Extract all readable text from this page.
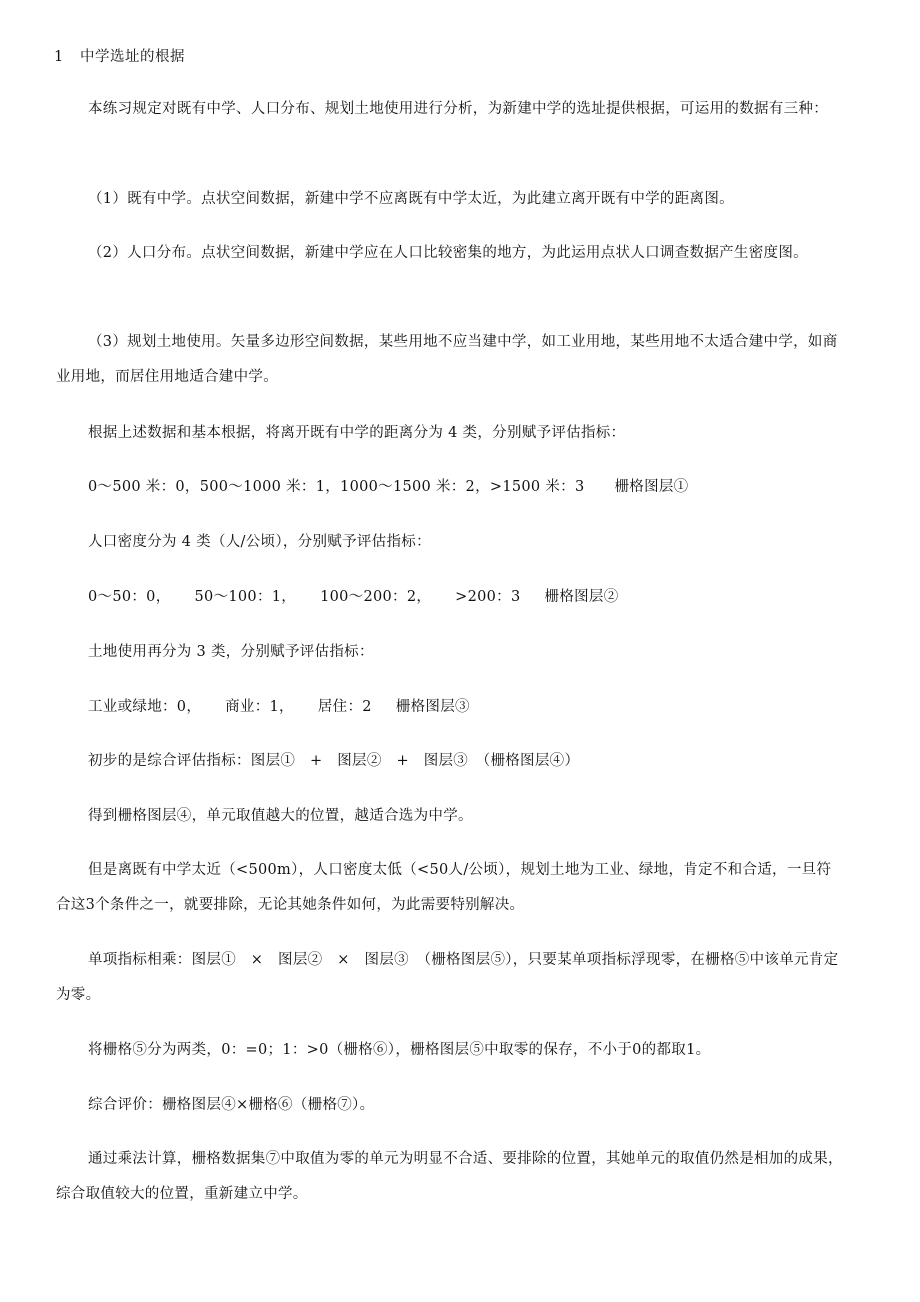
1 中学选址的根据

本练习规定对既有中学、人口分布、规划土地使用进行分析，为新建中学的选址提供根据，可运用的数据有三种：

（1）既有中学。点状空间数据，新建中学不应离既有中学太近，为此建立离开既有中学的距离图。

（2）人口分布。点状空间数据，新建中学应在人口比较密集的地方，为此运用点状人口调查数据产生密度图。

（3）规划土地使用。矢量多边形空间数据，某些用地不应当建中学，如工业用地，某些用地不太适合建中学，如商业用地，而居住用地适合建中学。

根据上述数据和基本根据，将离开既有中学的距离分为 4 类，分别赋予评估指标：

0～500 米：0，500～1000 米：1，1000～1500 米：2，>1500 米：3 栅格图层①

人口密度分为 4 类（人/公顷），分别赋予评估指标：

0～50：0， 50～100：1， 100～200：2， >200：3 栅格图层②

土地使用再分为 3 类，分别赋予评估指标：

工业或绿地：0， 商业：1， 居住：2 栅格图层③

初步的是综合评估指标：图层①　+　图层②　+　图层③　（栅格图层④）

得到栅格图层④，单元取值越大的位置，越适合选为中学。

但是离既有中学太近（<500m），人口密度太低（<50人/公顷），规划土地为工业、绿地，肯定不和合适，一旦符合这3个条件之一，就要排除，无论其她条件如何，为此需要特别解决。

单项指标相乘：图层①　×　图层②　×　图层③　（栅格图层⑤），只要某单项指标浮现零，在栅格⑤中该单元肯定为零。

将栅格⑤分为两类，0：=0；1：>0（栅格⑥），栅格图层⑤中取零的保存，不小于0的都取1。

综合评价：栅格图层④×栅格⑥（栅格⑦）。

通过乘法计算，栅格数据集⑦中取值为零的单元为明显不合适、要排除的位置，其她单元的取值仍然是相加的成果，综合取值较大的位置，重新建立中学。
